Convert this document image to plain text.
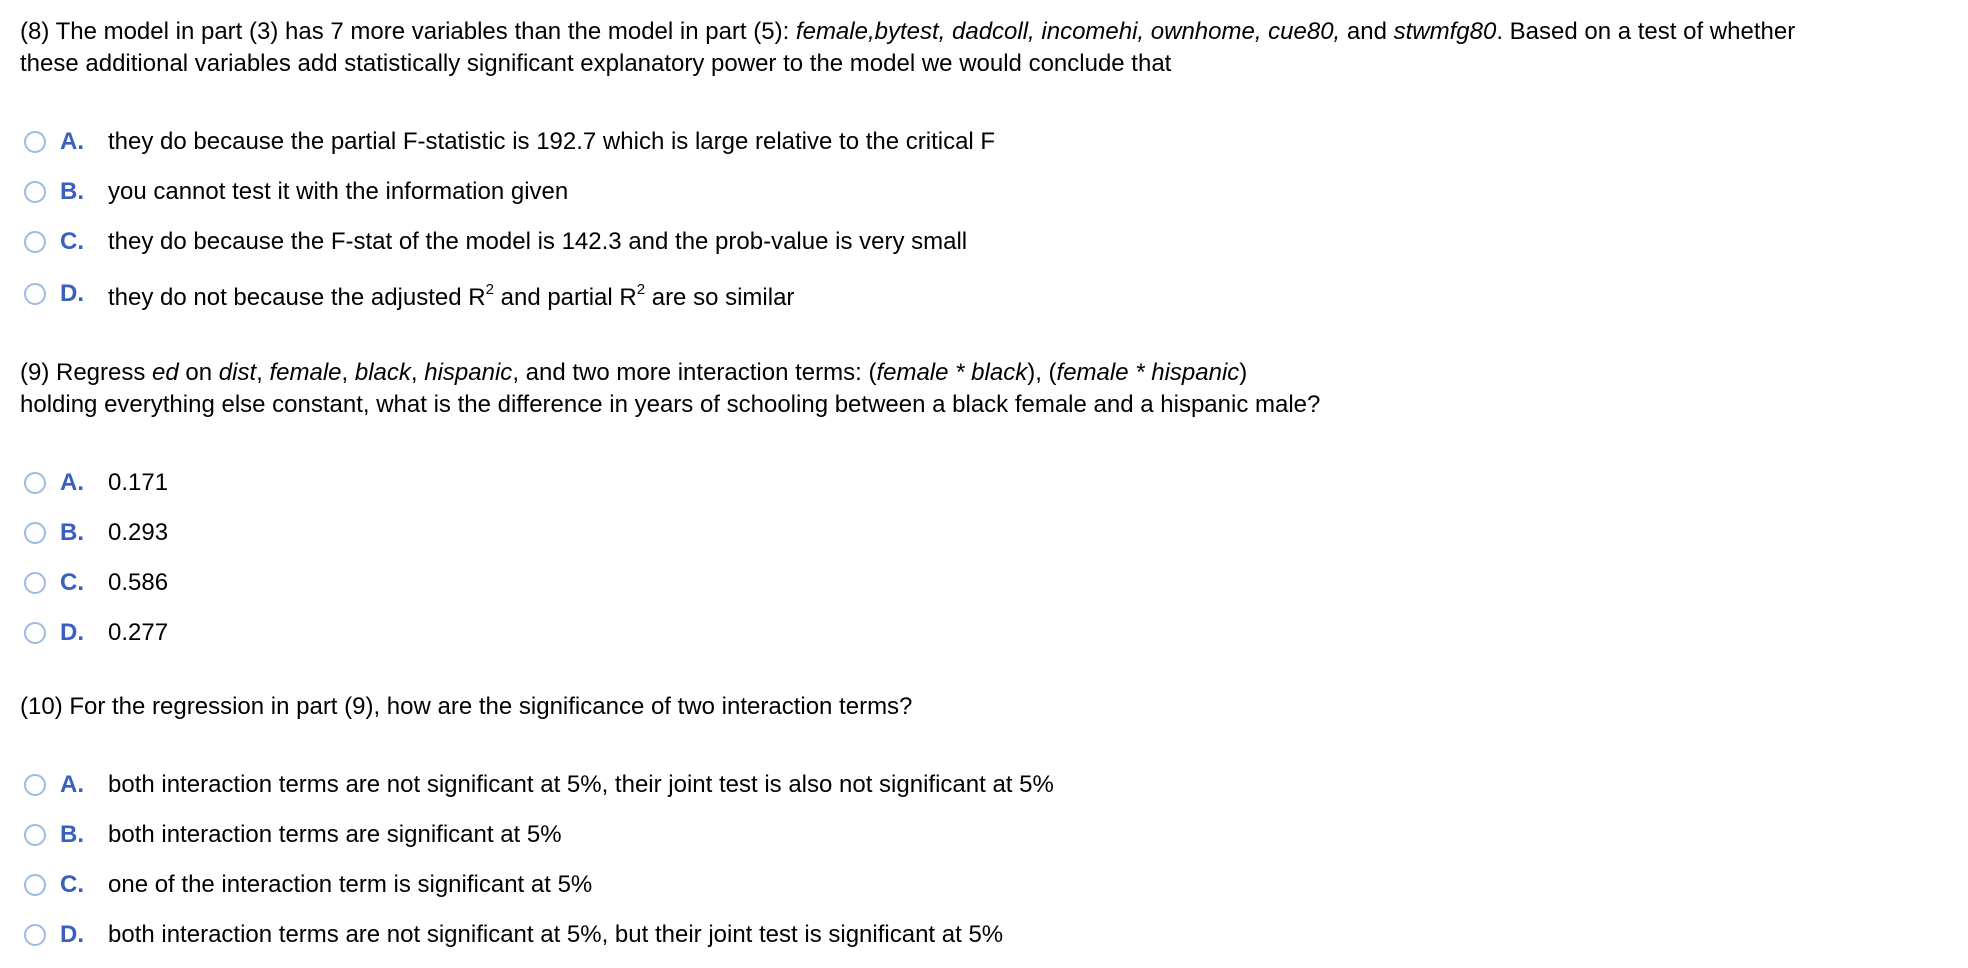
(8) The model in part (3) has 7 more variables than the model in part (5): female,bytest, dadcoll, incomehi, ownhome, cue80, and stwmfg80. Based on a test of whether

these additional variables add statistically significant explanatory power to the model we would conclude that

A.	they do because the partial F-statistic is 192.7 which is large relative to the critical F
B.	you cannot test it with the information given
C.	they do because the F-stat of the model is 142.3 and the prob-value is very small
D.	they do not because the adjusted $R^2$ and partial $R^2$ are so similar

(9) Regress ed on dist, female, black, hispanic, and two more interaction terms: (female * black), (female * hispanic)

holding everything else constant, what is the difference in years of schooling between a black female and a hispanic male?

A.	0.171
B.	0.293
C.	0.586
D.	0.277

(10) For the regression in part (9), how are the significance of two interaction terms?

A.	both interaction terms are not significant at 5%, their joint test is also not significant at 5%
B.	both interaction terms are significant at 5%
C.	one of the interaction term is significant at 5%
D.	both interaction terms are not significant at 5%, but their joint test is significant at 5%
